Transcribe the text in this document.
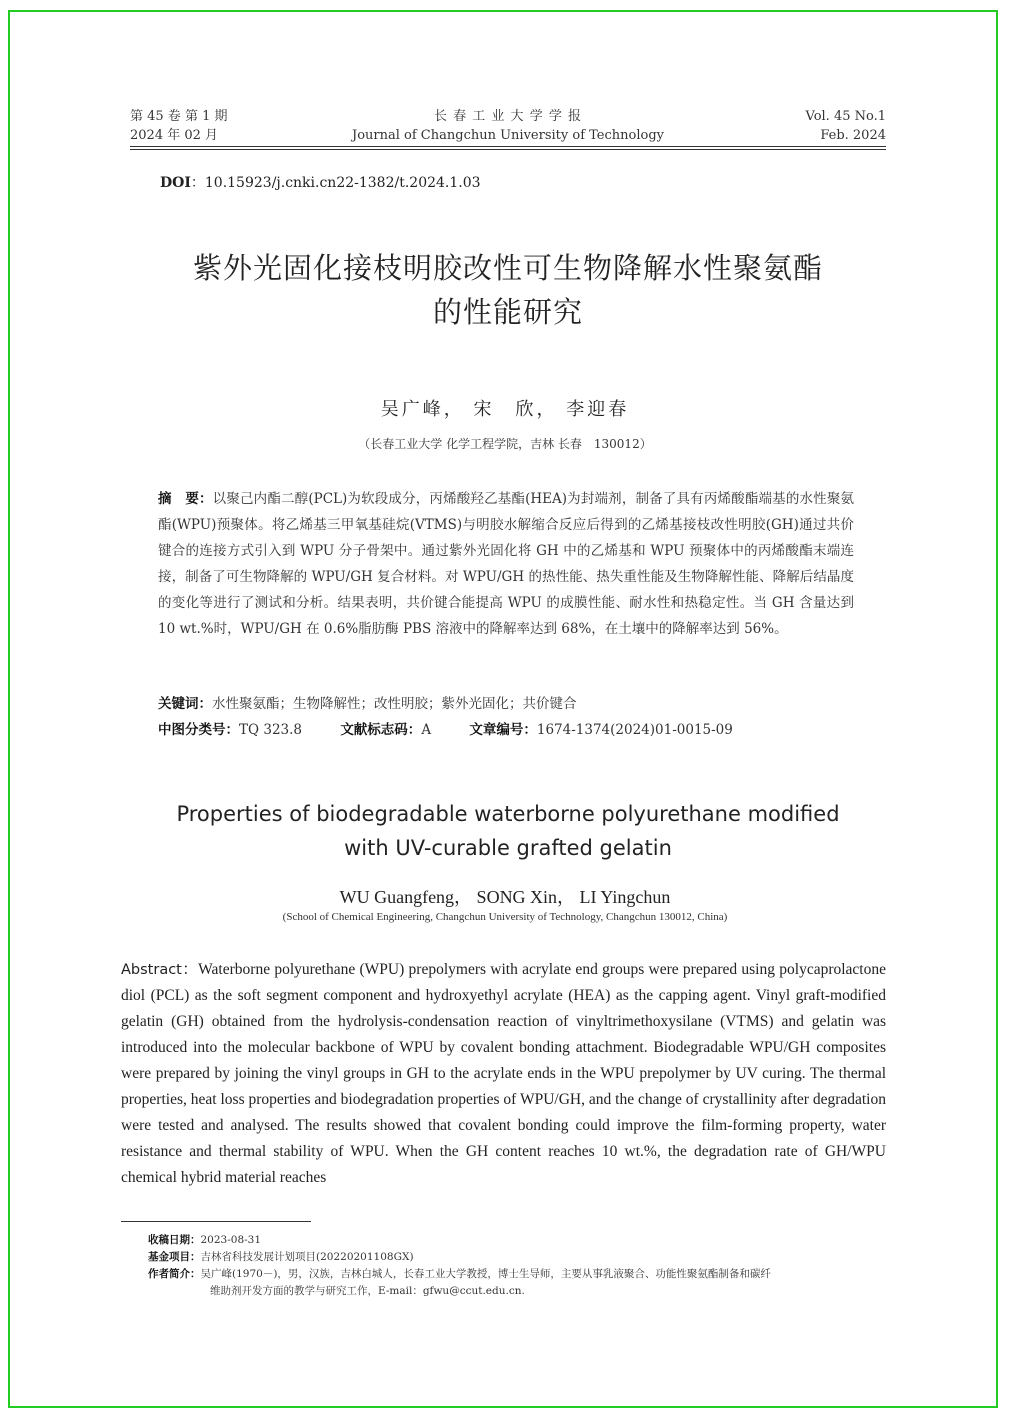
第 45 卷 第 1 期
2024 年 02 月
长 春 工 业 大 学 学 报
Journal of Changchun University of Technology
Vol. 45 No.1
Feb. 2024
DOI：10.15923/j.cnki.cn22-1382/t.2024.1.03
紫外光固化接枝明胶改性可生物降解水性聚氨酯
的性能研究
吴广峰， 宋　欣， 李迎春
（长春工业大学 化学工程学院，吉林 长春　130012）
摘　要：以聚己内酯二醇(PCL)为软段成分，丙烯酸羟乙基酯(HEA)为封端剂，制备了具有丙烯酸酯端基的水性聚氨酯(WPU)预聚体。将乙烯基三甲氧基硅烷(VTMS)与明胶水解缩合反应后得到的乙烯基接枝改性明胶(GH)通过共价键合的连接方式引入到 WPU 分子骨架中。通过紫外光固化将 GH 中的乙烯基和 WPU 预聚体中的丙烯酸酯末端连接，制备了可生物降解的 WPU/GH 复合材料。对 WPU/GH 的热性能、热失重性能及生物降解性能、降解后结晶度的变化等进行了测试和分析。结果表明，共价键合能提高 WPU 的成膜性能、耐水性和热稳定性。当 GH 含量达到 10 wt.%时，WPU/GH 在 0.6%脂肪酶 PBS 溶液中的降解率达到 68%，在土壤中的降解率达到 56%。
关键词：水性聚氨酯；生物降解性；改性明胶；紫外光固化；共价键合
中图分类号：TQ 323.8	文献标志码：A	文章编号：1674-1374(2024)01-0015-09
Properties of biodegradable waterborne polyurethane modified
with UV-curable grafted gelatin
WU Guangfeng， SONG Xin， LI Yingchun
(School of Chemical Engineering, Changchun University of Technology, Changchun 130012, China)
Abstract：Waterborne polyurethane (WPU) prepolymers with acrylate end groups were prepared using polycaprolactone diol (PCL) as the soft segment component and hydroxyethyl acrylate (HEA) as the capping agent. Vinyl graft-modified gelatin (GH) obtained from the hydrolysis-condensation reaction of vinyltrimethoxysilane (VTMS) and gelatin was introduced into the molecular backbone of WPU by covalent bonding attachment. Biodegradable WPU/GH composites were prepared by joining the vinyl groups in GH to the acrylate ends in the WPU prepolymer by UV curing. The thermal properties, heat loss properties and biodegradation properties of WPU/GH, and the change of crystallinity after degradation were tested and analysed. The results showed that covalent bonding could improve the film-forming property, water resistance and thermal stability of WPU. When the GH content reaches 10 wt.%, the degradation rate of GH/WPU chemical hybrid material reaches
收稿日期：2023-08-31
基金项目：吉林省科技发展计划项目(20220201108GX)
作者简介：吴广峰(1970－)，男，汉族，吉林白城人，长春工业大学教授，博士生导师，主要从事乳液聚合、功能性聚氨酯制备和碳纤
维助剂开发方面的教学与研究工作，E-mail：gfwu@ccut.edu.cn.
